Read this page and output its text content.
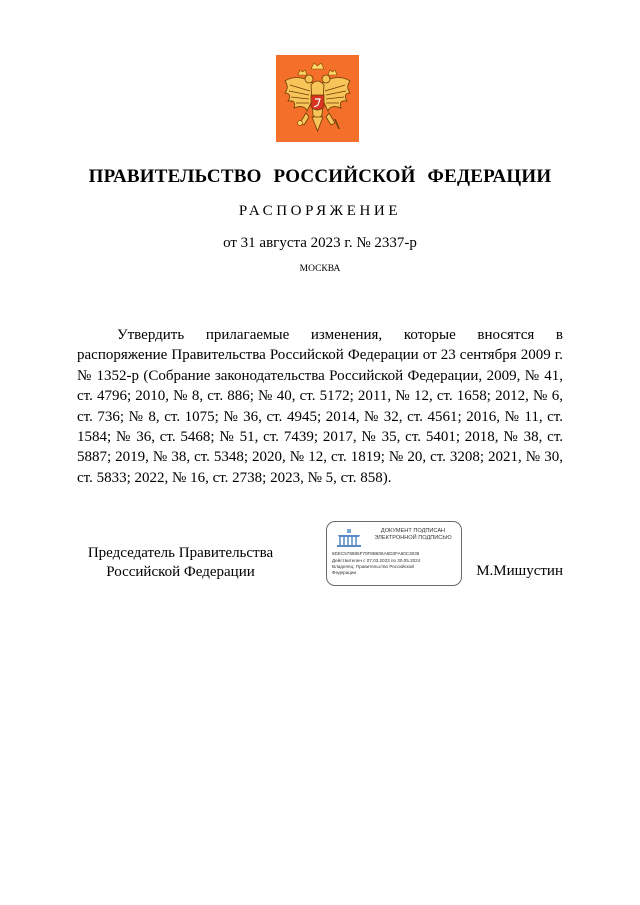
ПРАВИТЕЛЬСТВО РОССИЙСКОЙ ФЕДЕРАЦИИ
РАСПОРЯЖЕНИЕ
от 31 августа 2023 г. № 2337-р
МОСКВА

Утвердить прилагаемые изменения, которые вносятся в распоряжение Правительства Российской Федерации от 23 сентября 2009 г. № 1352-р (Собрание законодательства Российской Федерации, 2009, № 41, ст. 4796; 2010, № 8, ст. 886; № 40, ст. 5172; 2011, № 12, ст. 1658; 2012, № 6, ст. 736; № 8, ст. 1075; № 36, ст. 4945; 2014, № 32, ст. 4561; 2016, № 11, ст. 1584; № 36, ст. 5468; № 51, ст. 7439; 2017, № 35, ст. 5401; 2018, № 38, ст. 5887; 2019, № 38, ст. 5348; 2020, № 12, ст. 1819; № 20, ст. 3208; 2021, № 30, ст. 5833; 2022, № 16, ст. 2738; 2023, № 5, ст. 858).

Председатель Правительства
Российской Федерации
ДОКУМЕНТ ПОДПИСАН
ЭЛЕКТРОННОЙ ПОДПИСЬЮ
6DEC578885F70F8B806A6D3FA60C3038
Действителен с 07.03.2023 по 30.05.2024
Владелец: Правительство Российской
Федерации	М.Мишустин
